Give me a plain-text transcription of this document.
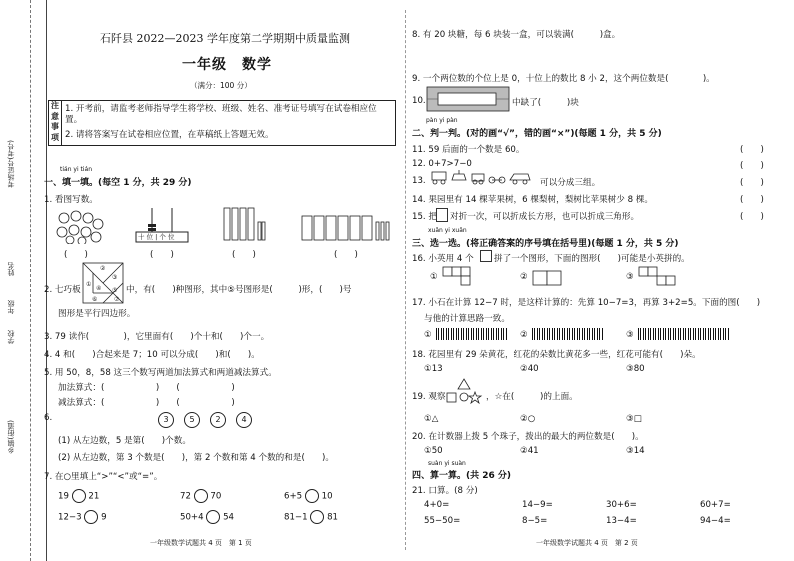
考场证号(考号)
姓名
年级
学校
乡镇(街道)
石阡县 2022—2023 学年度第二学期期中质量监测
一年级　数学
（满分：100 分）
注意事项
1. 开考前，请监考老师指导学生将学校、班级、姓名、准考证号填写在试卷相应位置。
2. 请将答案写在试卷相应位置，在草稿纸上答题无效。
tián yi tián
一、填一填。(每空 1 分，共 29 分)
1. 看图写数。
十 位 | 个 位
(　　)	(　　)	(　　)	(　　)
2. 七巧板
①
②
③
④ ⑤
⑥	⑦
中，有(　　)种图形，其中⑤号图形是(　　　)形，(　　)号
图形是平行四边形。
3. 79 读作(　　　　)，它里面有(　　)个十和(　　)个一。
4. 4 和(　　)合起来是 7；10 可以分成(　　)和(　　)。
5. 用 50，8，58 这三个数写两道加法算式和两道减法算式。
加法算式：(　　　　　　)　　(　　　　　　)
减法算式：(　　　　　　)　　(　　　　　　)
6.	3	5	2	4
(1) 从左边数，5 是第(　　)个数。
(2) 从左边数，第 3 个数是(　　)，第 2 个数和第 4 个数的和是(　　)。
7. 在○里填上“>”“<”或“=”。
19 21	72 70	6+5 10
12−3 9	50+4 54	81−1 81
一年级数学试题共 4 页　第 1 页
8. 有 20 块糖，每 6 块装一盒，可以装满(　　　)盒。
9. 一个两位数的个位上是 0，十位上的数比 8 小 2，这个两位数是(　　　　)。
10.	中缺了(　　　)块
pàn yi pàn
二、判一判。(对的画“√”，错的画“×”)(每题 1 分，共 5 分)
11. 59 后面的一个数是 60。	(　　)
12. 0+7>7−0	(　　)
13.	可以分成三组。	(　　)
14. 果园里有 14 棵苹果树，6 棵梨树，梨树比苹果树少 8 棵。	(　　)
15. 把 对折一次，可以折成长方形，也可以折成三角形。	(　　)
xuǎn yi xuǎn
三、选一选。(将正确答案的序号填在括号里)(每题 1 分，共 5 分)
16. 小英用 4 个 拼了一个图形，下面的图形(　　)可能是小英拼的。
①	②	③
17. 小石在计算 12−7 时，是这样计算的：先算 10−7=3，再算 3+2=5。下面的图(　　)
与他的计算思路一致。
①	②	③
18. 花园里有 29 朵黄花，红花的朵数比黄花多一些，红花可能有(　　)朵。
①13	②40	③80
19. 观察	，☆在(　　　)的上面。
①△	②○	③□
20. 在计数器上拨 5 个珠子，拨出的最大的两位数是(　　)。
①50	②41	③14
suàn yi suàn
四、算一算。(共 26 分)
21. 口算。(8 分)
4+0=	14−9=	30+6=	60+7=
55−50=	8−5=	13−4=	94−4=
一年级数学试题共 4 页　第 2 页
